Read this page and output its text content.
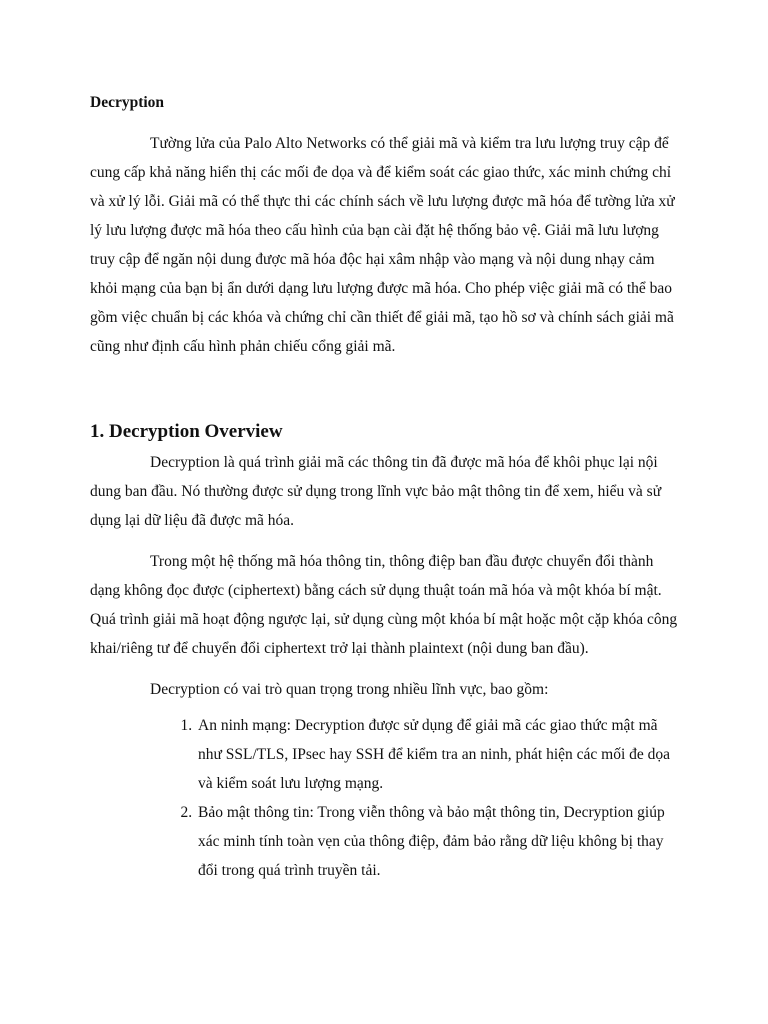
Decryption

Tường lửa của Palo Alto Networks có thể giải mã và kiểm tra lưu lượng truy cập để cung cấp khả năng hiển thị các mối đe dọa và để kiểm soát các giao thức, xác minh chứng chỉ và xử lý lỗi. Giải mã có thể thực thi các chính sách về lưu lượng được mã hóa để tường lửa xử lý lưu lượng được mã hóa theo cấu hình của bạn cài đặt hệ thống bảo vệ. Giải mã lưu lượng truy cập để ngăn nội dung được mã hóa độc hại xâm nhập vào mạng và nội dung nhạy cảm khỏi mạng của bạn bị ẩn dưới dạng lưu lượng được mã hóa. Cho phép việc giải mã có thể bao gồm việc chuẩn bị các khóa và chứng chỉ cần thiết để giải mã, tạo hồ sơ và chính sách giải mã cũng như định cấu hình phản chiếu cổng giải mã.

1. Decryption Overview

Decryption là quá trình giải mã các thông tin đã được mã hóa để khôi phục lại nội dung ban đầu. Nó thường được sử dụng trong lĩnh vực bảo mật thông tin để xem, hiểu và sử dụng lại dữ liệu đã được mã hóa.

Trong một hệ thống mã hóa thông tin, thông điệp ban đầu được chuyển đổi thành dạng không đọc được (ciphertext) bằng cách sử dụng thuật toán mã hóa và một khóa bí mật. Quá trình giải mã hoạt động ngược lại, sử dụng cùng một khóa bí mật hoặc một cặp khóa công khai/riêng tư để chuyển đổi ciphertext trở lại thành plaintext (nội dung ban đầu).

Decryption có vai trò quan trọng trong nhiều lĩnh vực, bao gồm:

1. An ninh mạng: Decryption được sử dụng để giải mã các giao thức mật mã như SSL/TLS, IPsec hay SSH để kiểm tra an ninh, phát hiện các mối đe dọa và kiểm soát lưu lượng mạng.
2. Bảo mật thông tin: Trong viễn thông và bảo mật thông tin, Decryption giúp xác minh tính toàn vẹn của thông điệp, đảm bảo rằng dữ liệu không bị thay đổi trong quá trình truyền tải.
